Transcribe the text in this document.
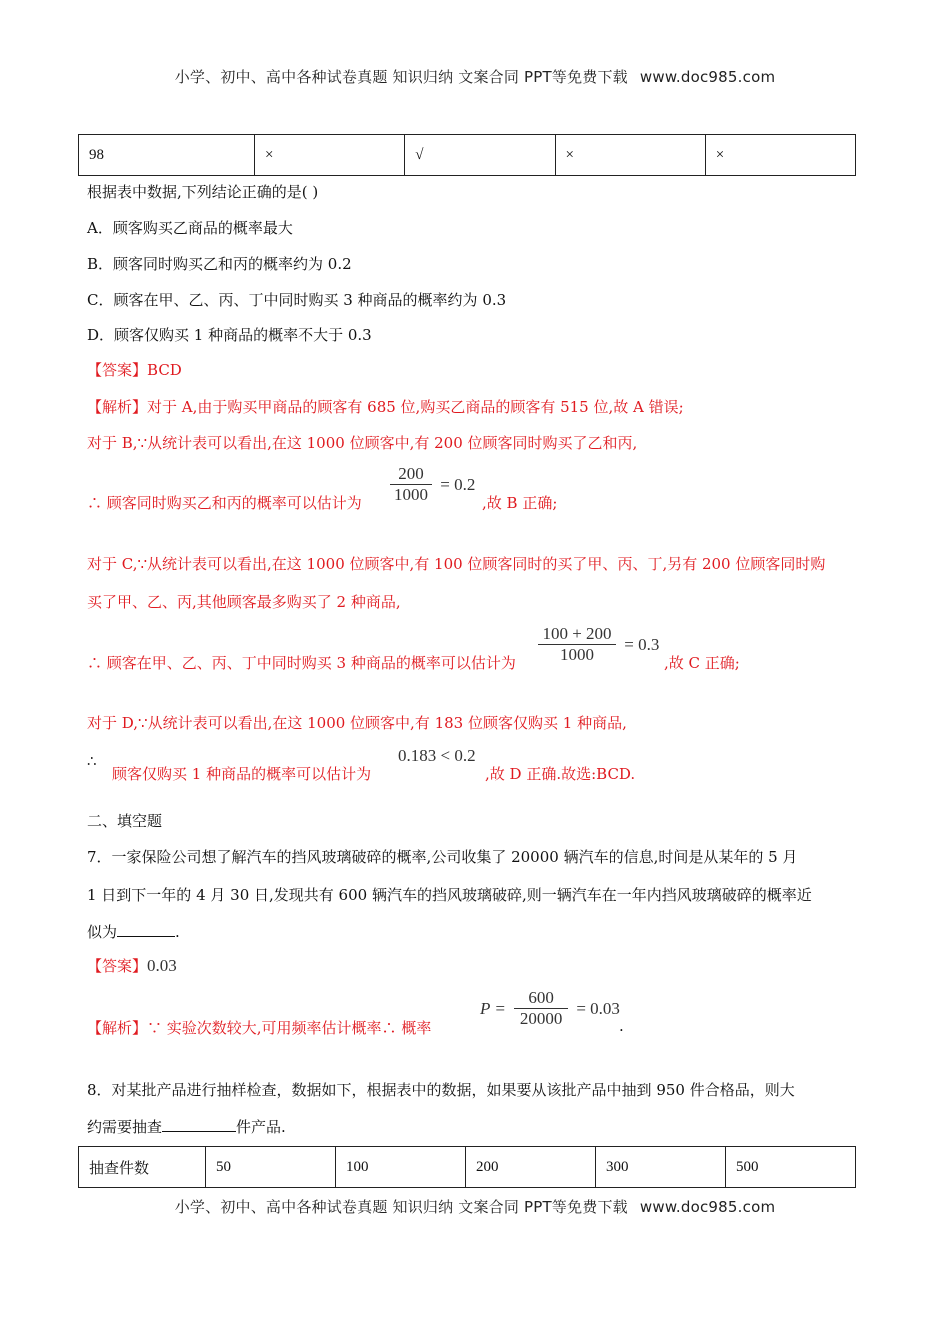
小学、初中、高中各种试卷真题 知识归纳 文案合同 PPT等免费下载 www.doc985.com
98	×	√	×	×
根据表中数据,下列结论正确的是( )
A．顾客购买乙商品的概率最大
B．顾客同时购买乙和丙的概率约为 0.2
C．顾客在甲、乙、丙、丁中同时购买 3 种商品的概率约为 0.3
D．顾客仅购买 1 种商品的概率不大于 0.3
【答案】BCD
【解析】对于 A,由于购买甲商品的顾客有 685 位,购买乙商品的顾客有 515 位,故 A 错误;
对于 B,∵从统计表可以看出,在这 1000 位顾客中,有 200 位顾客同时购买了乙和丙,
∴ 顾客同时购买乙和丙的概率可以估计为 $\frac{200}{1000} = 0.2$
,故 B 正确;
对于 C,∵从统计表可以看出,在这 1000 位顾客中,有 100 位顾客同时的买了甲、丙、丁,另有 200 位顾客同时购
买了甲、乙、丙,其他顾客最多购买了 2 种商品,
∴ 顾客在甲、乙、丙、丁中同时购买 3 种商品的概率可以估计为 $\frac{100 + 200}{1000} = 0.3$
,故 C 正确;
对于 D,∵从统计表可以看出,在这 1000 位顾客中,有 183 位顾客仅购买 1 种商品,
∴
顾客仅购买 1 种商品的概率可以估计为
0.183 < 0.2
,故 D 正确.故选:BCD.
二、填空题
7．一家保险公司想了解汽车的挡风玻璃破碎的概率,公司收集了 20000 辆汽车的信息,时间是从某年的 5 月
1 日到下一年的 4 月 30 日,发现共有 600 辆汽车的挡风玻璃破碎,则一辆汽车在一年内挡风玻璃破碎的概率近
似为	.
【答案】0.03
【解析】∵ 实验次数较大,可用频率估计概率∴ 概率
$P = \frac{600}{20000} = 0.03$
.
8．对某批产品进行抽样检查，数据如下，根据表中的数据，如果要从该批产品中抽到 950 件合格品，则大
约需要抽查	件产品.
抽查件数	50	100	200	300	500
小学、初中、高中各种试卷真题 知识归纳 文案合同 PPT等免费下载 www.doc985.com
